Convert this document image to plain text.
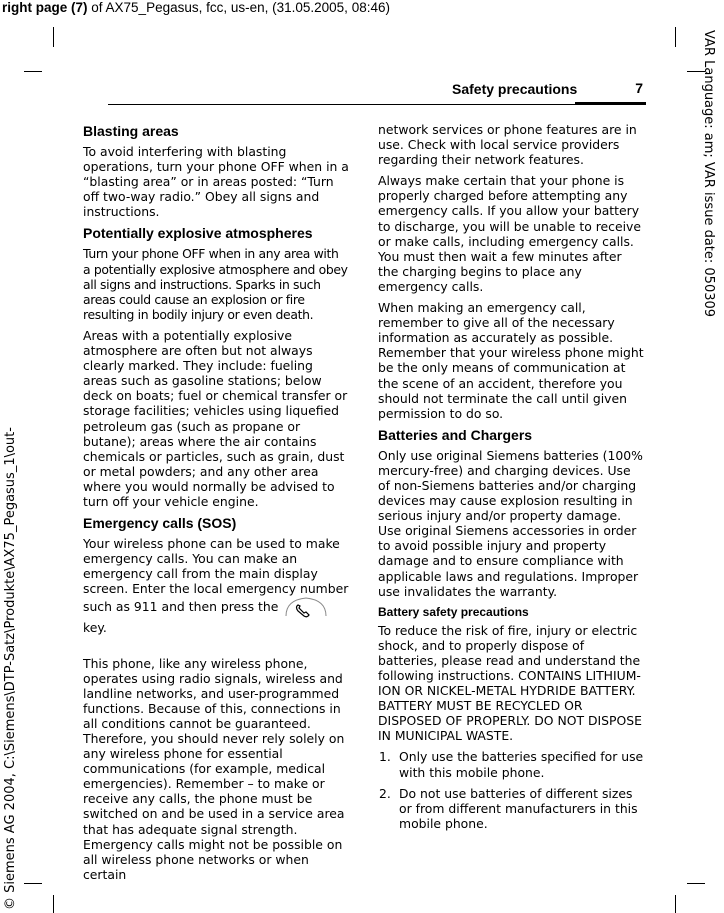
right page (7) of AX75_Pegasus, fcc, us-en, (31.05.2005, 08:46)
VAR Language: am; VAR issue date: 050309
© Siemens AG 2004, C:\Siemens\DTP-Satz\Produkte\AX75_Pegasus_1\out-
Safety precautions	7
Blasting areas

To avoid interfering with blasting operations, turn your phone OFF when in a “blasting area” or in areas posted: “Turn off two-way radio.” Obey all signs and instructions.

Potentially explosive atmospheres

Turn your phone OFF when in any area with a potentially explosive atmosphere and obey all signs and instructions. Sparks in such areas could cause an explosion or fire resulting in bodily injury or even death.

Areas with a potentially explosive atmosphere are often but not always clearly marked. They include: fueling areas such as gasoline stations; below deck on boats; fuel or chemical transfer or storage facilities; vehicles using liquefied petroleum gas (such as propane or butane); areas where the air contains chemicals or particles, such as grain, dust or metal powders; and any other area where you would normally be advised to turn off your vehicle engine.

Emergency calls (SOS)

Your wireless phone can be used to make emergency calls. You can make an emergency call from the main display screen. Enter the local emergency number such as 911 and then press the  key.

This phone, like any wireless phone, operates using radio signals, wireless and landline networks, and user-programmed functions. Because of this, connections in all conditions cannot be guaranteed. Therefore, you should never rely solely on any wireless phone for essential communications (for example, medical emergencies). Remember – to make or receive any calls, the phone must be switched on and be used in a service area that has adequate signal strength. Emergency calls might not be possible on all wireless phone networks or when certain

network services or phone features are in use. Check with local service providers regarding their network features.

Always make certain that your phone is properly charged before attempting any emergency calls. If you allow your battery to discharge, you will be unable to receive or make calls, including emergency calls. You must then wait a few minutes after the charging begins to place any emergency calls.

When making an emergency call, remember to give all of the necessary information as accurately as possible. Remember that your wireless phone might be the only means of communication at the scene of an accident, therefore you should not terminate the call until given permission to do so.

Batteries and Chargers

Only use original Siemens batteries (100% mercury-free) and charging devices. Use of non-Siemens batteries and/or charging devices may cause explosion resulting in serious injury and/or property damage. Use original Siemens accessories in order to avoid possible injury and property damage and to ensure compliance with applicable laws and regulations. Improper use invalidates the warranty.

Battery safety precautions

To reduce the risk of fire, injury or electric shock, and to properly dispose of batteries, please read and understand the following instructions. CONTAINS LITHIUM-ION OR NICKEL-METAL HYDRIDE BATTERY. BATTERY MUST BE RECYCLED OR DISPOSED OF PROPERLY. DO NOT DISPOSE IN MUNICIPAL WASTE.

1. Only use the batteries specified for use with this mobile phone.
2. Do not use batteries of different sizes or from different manufacturers in this mobile phone.
